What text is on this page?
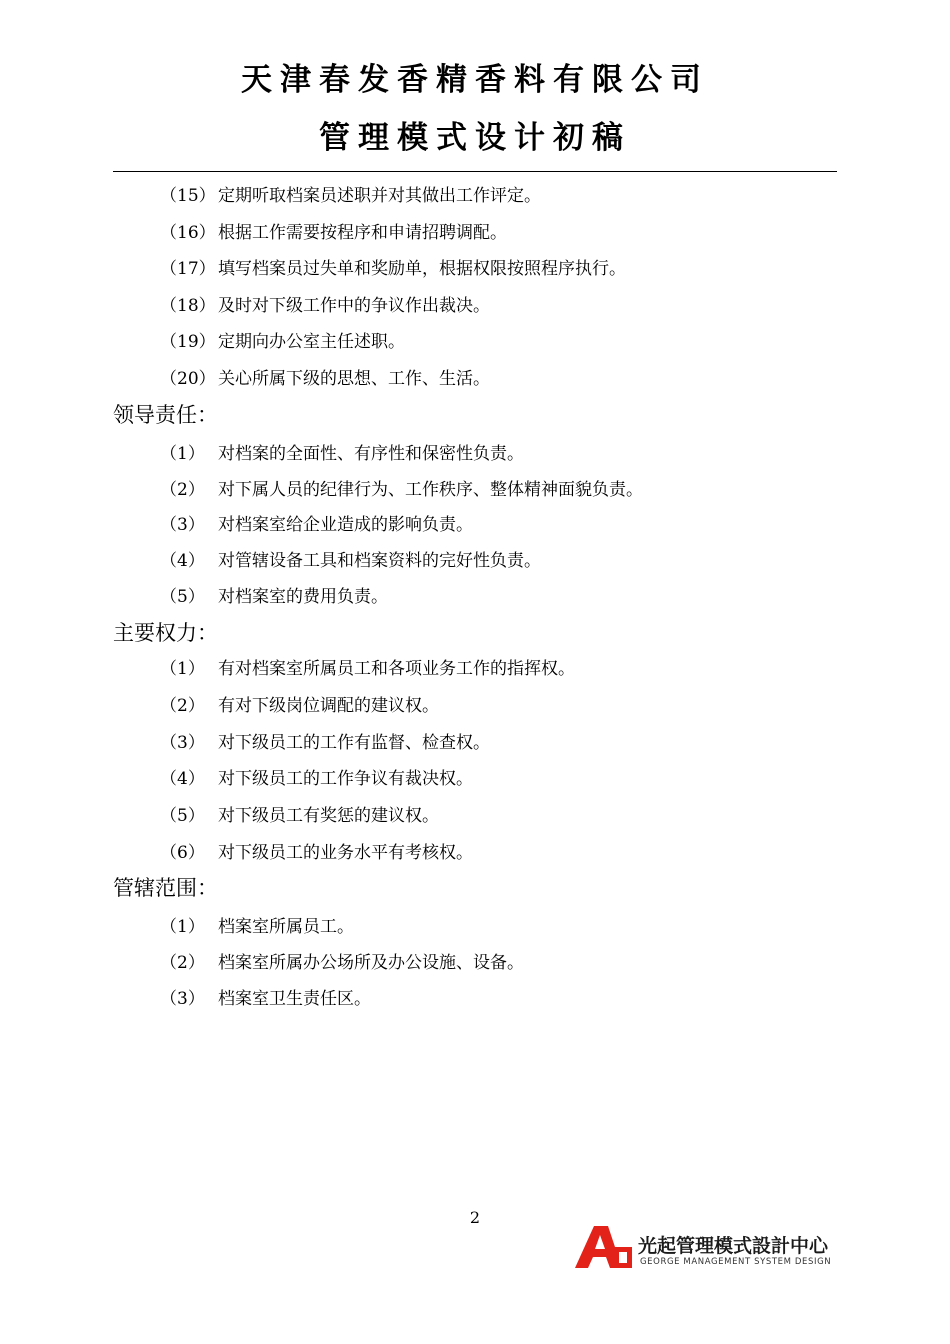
天津春发香精香料有限公司
管理模式设计初稿
（15） 定期听取档案员述职并对其做出工作评定。
（16） 根据工作需要按程序和申请招聘调配。
（17） 填写档案员过失单和奖励单，根据权限按照程序执行。
（18） 及时对下级工作中的争议作出裁决。
（19） 定期向办公室主任述职。
（20） 关心所属下级的思想、工作、生活。
领导责任：
（1） 对档案的全面性、有序性和保密性负责。
（2） 对下属人员的纪律行为、工作秩序、整体精神面貌负责。
（3） 对档案室给企业造成的影响负责。
（4） 对管辖设备工具和档案资料的完好性负责。
（5） 对档案室的费用负责。
主要权力：
（1） 有对档案室所属员工和各项业务工作的指挥权。
（2） 有对下级岗位调配的建议权。
（3） 对下级员工的工作有监督、检查权。
（4） 对下级员工的工作争议有裁决权。
（5） 对下级员工有奖惩的建议权。
（6） 对下级员工的业务水平有考核权。
管辖范围：
（1） 档案室所属员工。
（2） 档案室所属办公场所及办公设施、设备。
（3） 档案室卫生责任区。
2
光起管理模式設計中心
GEORGE MANAGEMENT SYSTEM DESIGN
